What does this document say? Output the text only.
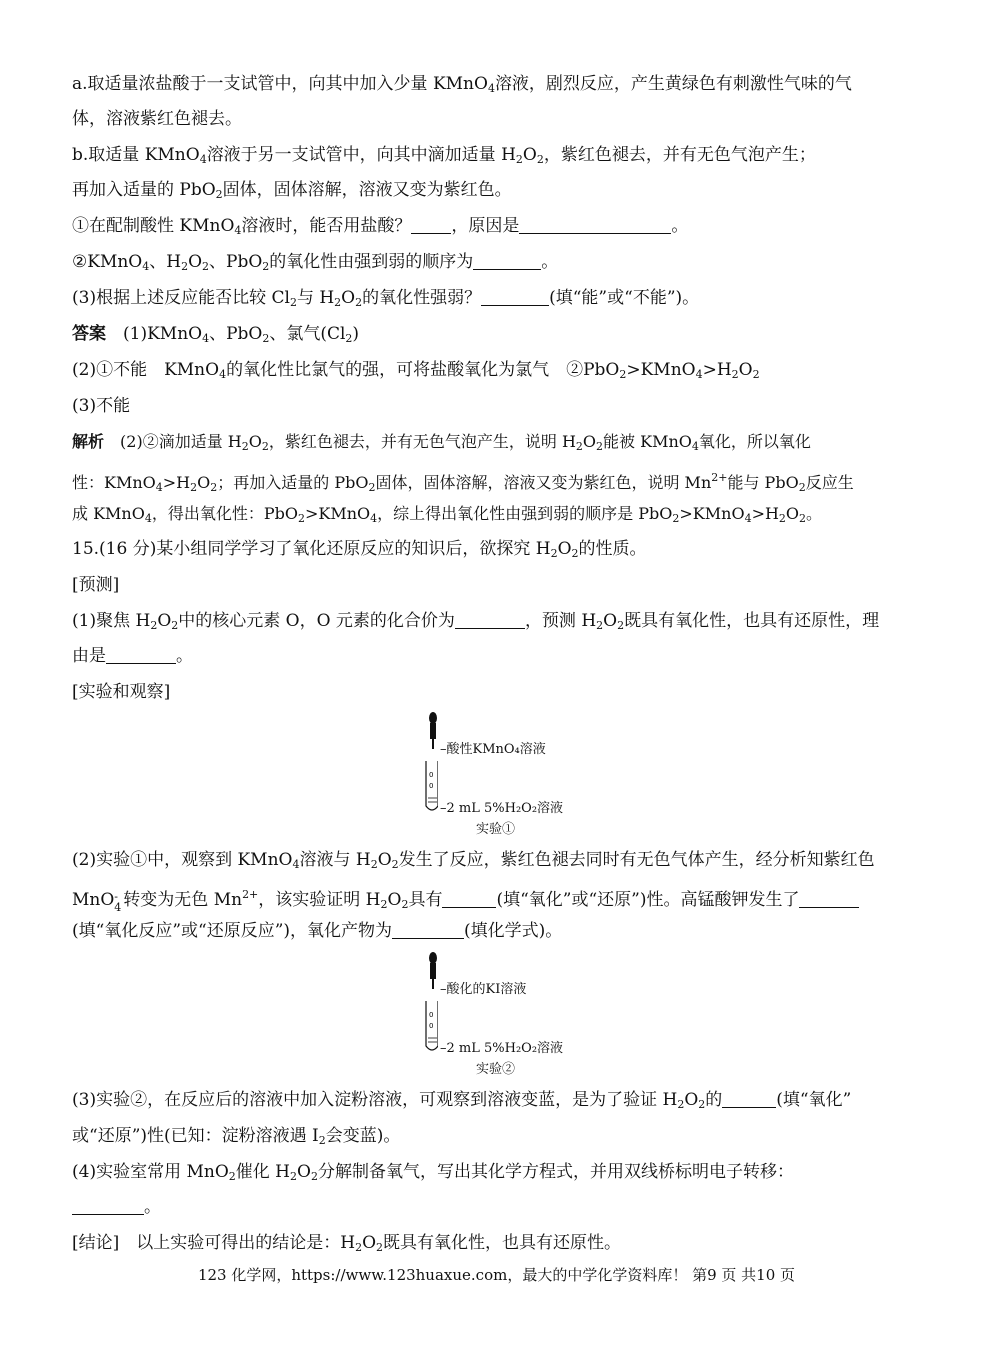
a.取适量浓盐酸于一支试管中，向其中加入少量 KMnO$_4$溶液，剧烈反应，产生黄绿色有刺激性气味的气
体，溶液紫红色褪去。
b.取适量 KMnO$_4$溶液于另一支试管中，向其中滴加适量 $H_2O_2$，紫红色褪去，并有无色气泡产生；
再加入适量的 PbO$_2$固体，固体溶解，溶液又变为紫红色。
①在配制酸性 KMnO$_4$溶液时，能否用盐酸？ ，原因是	。
②KMnO$_4$、$H_2O_2$、PbO$_2$的氧化性由强到弱的顺序为	。
(3)根据上述反应能否比较 $Cl_2$与 $H_2O_2$的氧化性强弱？	(填“能”或“不能”)。
答案　 (1)KMnO$_4$、PbO$_2$、氯气$(Cl_2)$
(2)①不能　KMnO$_4$的氧化性比氯气的强，可将盐酸氧化为氯气　$②PbO_2>KMnO_4>H_2O_2$
(3)不能
解析　 (2)②滴加适量 $H_2O_2$，紫红色褪去，并有无色气泡产生，说明 $H_2O_2$能被 KMnO$_4$氧化，所以氧化
性：$KMnO_4>H_2O_2$；再加入适量的 PbO$_2$固体，固体溶解，溶液又变为紫红色，说明 $Mn^{2+}$能与 PbO$_2$反应生
成 KMnO$_4$，得出氧化性：PbO$_2$>KMnO$_4$，综上得出氧化性由强到弱的顺序是 $PbO_2>KMnO_4>H_2O_2$。
15.(16 分)某小组同学学习了氧化还原反应的知识后，欲探究 $H_2O_2$的性质。
[预测]
(1)聚焦 $H_2O_2$中的核心元素 O，O 元素的化合价为	，预测 $H_2O_2$既具有氧化性，也具有还原性，理
由是	。
[实验和观察]
0
0
–酸性KMnO₄溶液
–2 mL 5%H₂O₂溶液
实验①
(2)实验①中，观察到 KMnO$_4$溶液与 $H_2O_2$发生了反应，紫红色褪去同时有无色气体产生，经分析知紫红色
MnO -
4 转变为无色 $Mn^{2+}$，该实验证明 $H_2O_2$具有	(填“氧化”或“还原”)性。高锰酸钾发生了
(填“氧化反应”或“还原反应”)，氧化产物为	(填化学式)。
0
0
–酸化的KI溶液
–2 mL 5%H₂O₂溶液
实验②
(3)实验②，在反应后的溶液中加入淀粉溶液，可观察到溶液变蓝，是为了验证 $H_2O_2$的	(填“氧化”
或“还原”)性(已知：淀粉溶液遇 $I_2$会变蓝)。
(4)实验室常用 MnO$_2$催化 $H_2O_2$分解制备氧气，写出其化学方程式，并用双线桥标明电子转移：
。
[结论]　以上实验可得出的结论是：$H_2O_2$既具有氧化性，也具有还原性。
123 化学网，https://www.123huaxue.com，最大的中学化学资料库！ 第9 页 共10 页
